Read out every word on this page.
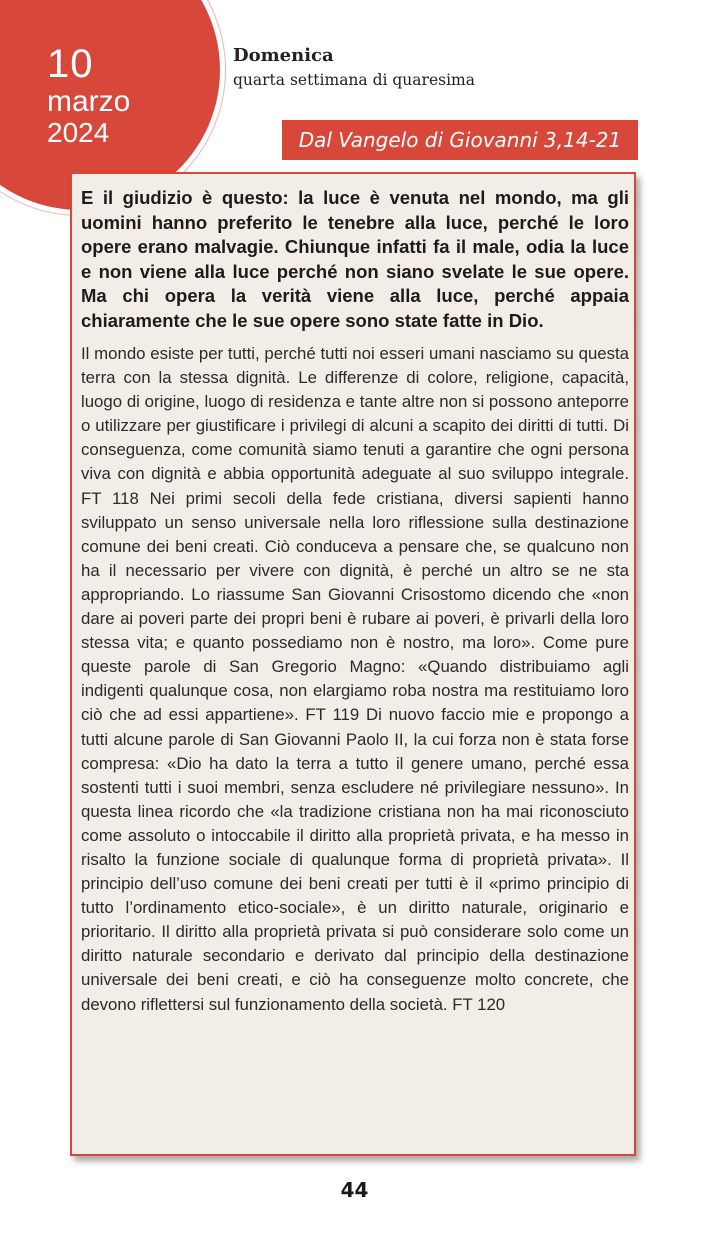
10
marzo
2024
Domenica
quarta settimana di quaresima
Dal Vangelo di Giovanni 3,14-21
E il giudizio è questo: la luce è venuta nel mondo, ma gli uomini hanno preferito le tenebre alla luce, perché le loro opere erano malvagie. Chiunque infatti fa il male, odia la luce e non viene alla luce perché non siano svelate le sue opere. Ma chi opera la verità viene alla luce, perché appaia chiaramente che le sue opere sono state fatte in Dio.
Il mondo esiste per tutti, perché tutti noi esseri umani nasciamo su questa terra con la stessa dignità. Le differenze di colore, religione, capacità, luogo di origine, luogo di residenza e tante altre non si possono anteporre o utilizzare per giustificare i privilegi di alcuni a scapito dei diritti di tutti. Di conseguenza, come comunità siamo tenuti a garantire che ogni persona viva con dignità e abbia opportunità adeguate al suo sviluppo integrale. FT 118 Nei primi secoli della fede cristiana, diversi sapienti hanno sviluppato un senso universale nella loro riflessione sulla destinazione comune dei beni creati. Ciò conduceva a pensare che, se qualcuno non ha il necessario per vivere con dignità, è perché un altro se ne sta appropriando. Lo riassume San Giovanni Crisostomo dicendo che «non dare ai poveri parte dei propri beni è rubare ai poveri, è privarli della loro stessa vita; e quanto possediamo non è nostro, ma loro». Come pure queste parole di San Gregorio Magno: «Quando distribuiamo agli indigenti qualunque cosa, non elargiamo roba nostra ma restituiamo loro ciò che ad essi appartiene». FT 119 Di nuovo faccio mie e propongo a tutti alcune parole di San Giovanni Paolo II, la cui forza non è stata forse compresa: «Dio ha dato la terra a tutto il genere umano, perché essa sostenti tutti i suoi membri, senza escludere né privilegiare nessuno». In questa linea ricordo che «la tradizione cristiana non ha mai riconosciuto come assoluto o intoccabile il diritto alla proprietà privata, e ha messo in risalto la funzione sociale di qualunque forma di proprietà privata». Il principio dell’uso comune dei beni creati per tutti è il «primo principio di tutto l’ordinamento etico-sociale», è un diritto naturale, originario e prioritario. Il diritto alla proprietà privata si può considerare solo come un diritto naturale secondario e derivato dal principio della destinazione universale dei beni creati, e ciò ha conseguenze molto concrete, che devono riflettersi sul funzionamento della società. FT 120
44
